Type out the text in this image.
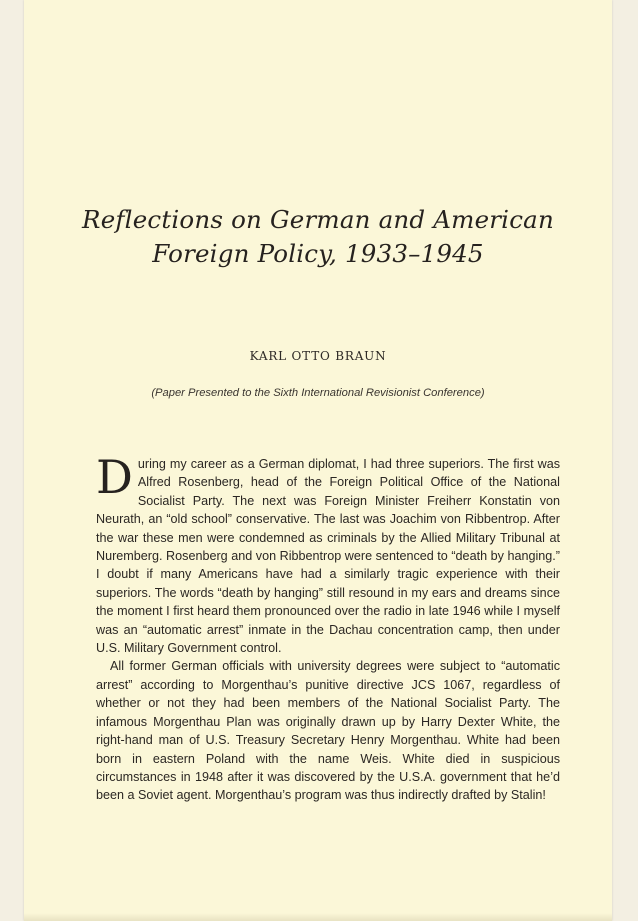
Reflections on German and American
Foreign Policy, 1933–1945

KARL OTTO BRAUN

(Paper Presented to the Sixth International Revisionist Conference)

During my career as a German diplomat, I had three superiors. The first was Alfred Rosenberg, head of the Foreign Political Office of the National Socialist Party. The next was Foreign Minister Freiherr Konstatin von Neurath, an “old school” conservative. The last was Joachim von Ribbentrop. After the war these men were condemned as criminals by the Allied Military Tribunal at Nuremberg. Rosenberg and von Ribbentrop were sentenced to “death by hanging.” I doubt if many Americans have had a similarly tragic experience with their superiors. The words “death by hanging” still resound in my ears and dreams since the moment I first heard them pronounced over the radio in late 1946 while I myself was an “automatic arrest” inmate in the Dachau concentration camp, then under U.S. Military Government control.

All former German officials with university degrees were subject to “automatic arrest” according to Morgenthau’s punitive directive JCS 1067, regardless of whether or not they had been members of the National Socialist Party. The infamous Morgenthau Plan was originally drawn up by Harry Dexter White, the right-hand man of U.S. Treasury Secretary Henry Morgenthau. White had been born in eastern Poland with the name Weis. White died in suspicious circumstances in 1948 after it was discovered by the U.S.A. government that he’d been a Soviet agent. Morgenthau’s program was thus indirectly drafted by Stalin!
